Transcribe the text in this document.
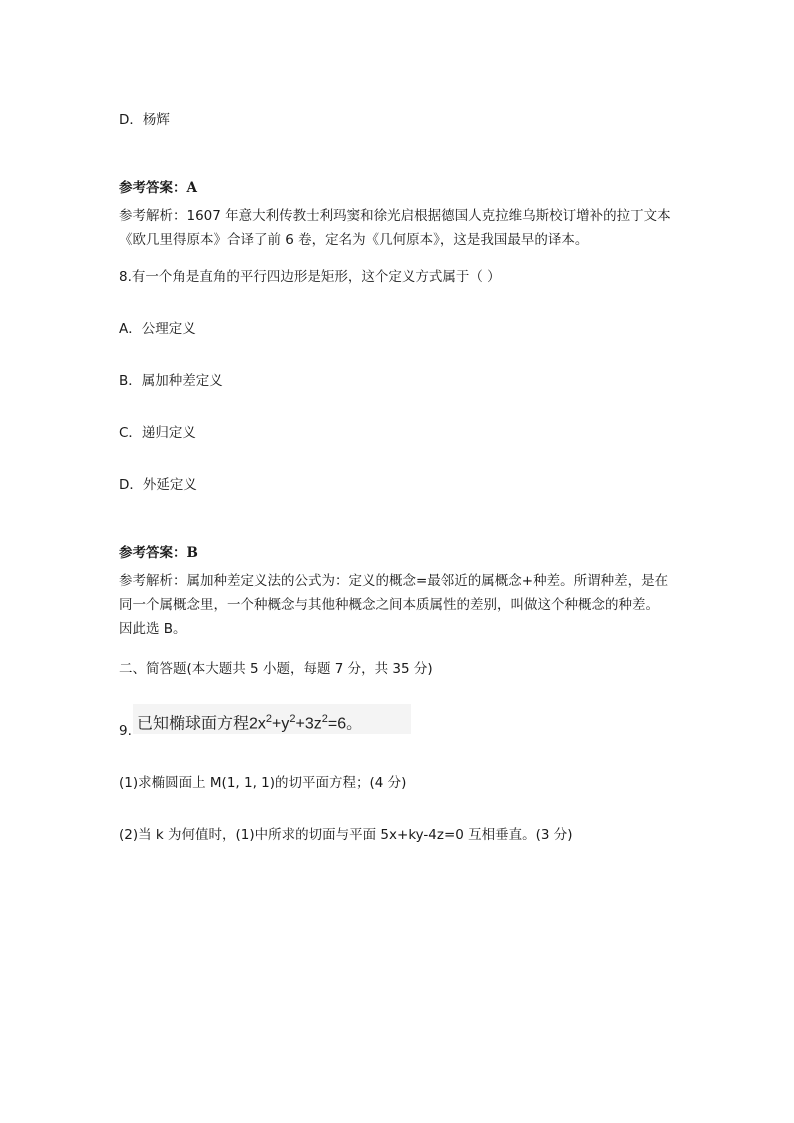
D．杨辉
参考答案：A
参考解析：1607 年意大利传教士利玛窦和徐光启根据德国人克拉维乌斯校订增补的拉丁文本《欧几里得原本》合译了前 6 卷，定名为《几何原本》，这是我国最早的译本。
8.有一个角是直角的平行四边形是矩形，这个定义方式属于（ ）
A．公理定义
B．属加种差定义
C．递归定义
D．外延定义
参考答案：B
参考解析：属加种差定义法的公式为：定义的概念=最邻近的属概念+种差。所谓种差，是在同一个属概念里，一个种概念与其他种概念之间本质属性的差别，叫做这个种概念的种差。因此选 B。
二、简答题(本大题共 5 小题，每题 7 分，共 35 分)
9. 已知椭球面方程$2x^2+y^2+3z^2=6$。
(1)求椭圆面上 M(1, 1, 1)的切平面方程；(4 分)
(2)当 k 为何值时，(1)中所求的切面与平面 5x+ky-4z=0 互相垂直。(3 分)
